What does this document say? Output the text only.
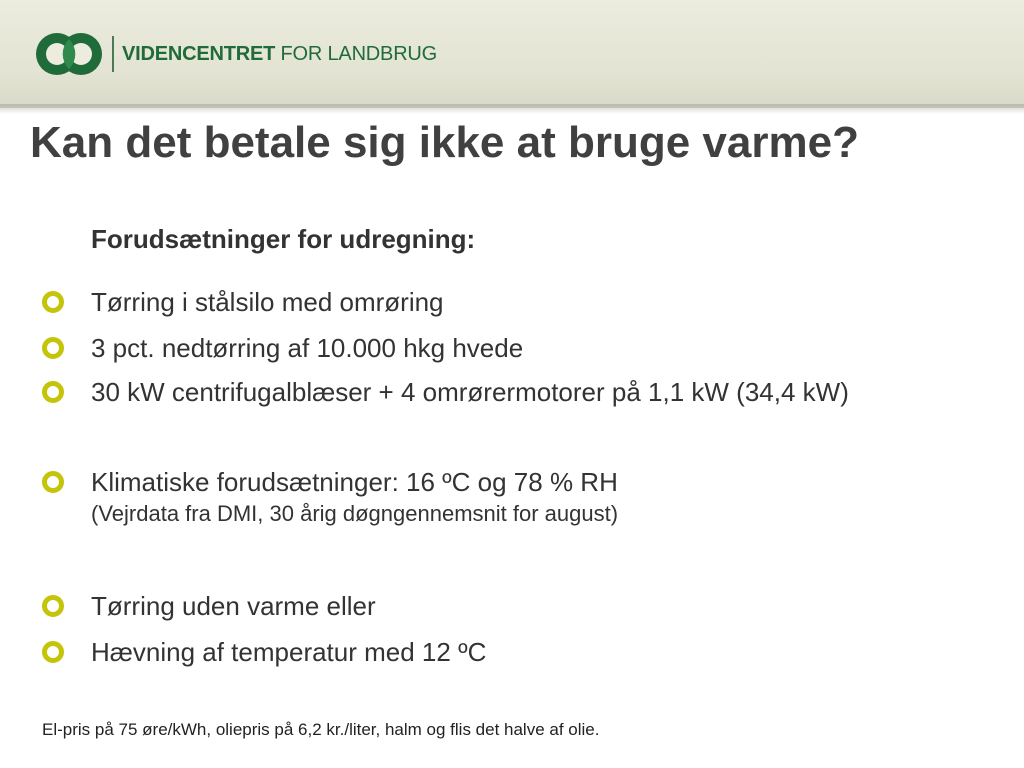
VIDENCENTRET FOR LANDBRUG
Kan det betale sig ikke at bruge varme?
Forudsætninger for udregning:
Tørring i stålsilo med omrøring
3 pct. nedtørring af 10.000 hkg hvede
30 kW centrifugalblæser + 4 omrørermotorer på 1,1 kW (34,4 kW)
Klimatiske forudsætninger: 16 ºC og 78 % RH
(Vejrdata fra DMI, 30 årig døgngennemsnit for august)
Tørring uden varme eller
Hævning af temperatur med 12 ºC
El-pris på 75 øre/kWh, oliepris på 6,2 kr./liter, halm og flis det halve af olie.
